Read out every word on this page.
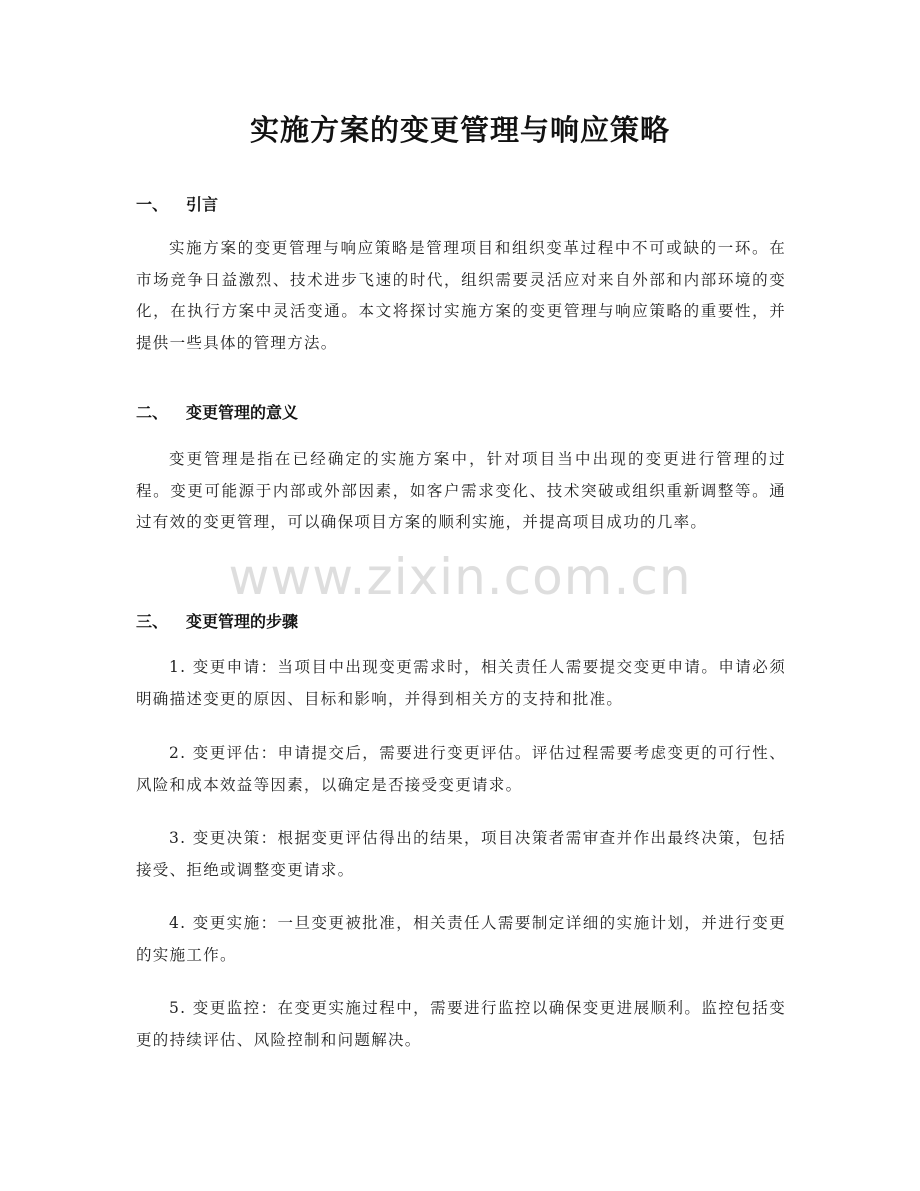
实施方案的变更管理与响应策略
一、 引言
实施方案的变更管理与响应策略是管理项目和组织变革过程中不可或缺的一环。在市场竞争日益激烈、技术进步飞速的时代，组织需要灵活应对来自外部和内部环境的变化，在执行方案中灵活变通。本文将探讨实施方案的变更管理与响应策略的重要性，并提供一些具体的管理方法。
二、 变更管理的意义
变更管理是指在已经确定的实施方案中，针对项目当中出现的变更进行管理的过程。变更可能源于内部或外部因素，如客户需求变化、技术突破或组织重新调整等。通过有效的变更管理，可以确保项目方案的顺利实施，并提高项目成功的几率。
三、 变更管理的步骤
1. 变更申请：当项目中出现变更需求时，相关责任人需要提交变更申请。申请必须明确描述变更的原因、目标和影响，并得到相关方的支持和批准。
2. 变更评估：申请提交后，需要进行变更评估。评估过程需要考虑变更的可行性、风险和成本效益等因素，以确定是否接受变更请求。
3. 变更决策：根据变更评估得出的结果，项目决策者需审查并作出最终决策，包括接受、拒绝或调整变更请求。
4. 变更实施：一旦变更被批准，相关责任人需要制定详细的实施计划，并进行变更的实施工作。
5. 变更监控：在变更实施过程中，需要进行监控以确保变更进展顺利。监控包括变更的持续评估、风险控制和问题解决。
www.zixin.com.cn
